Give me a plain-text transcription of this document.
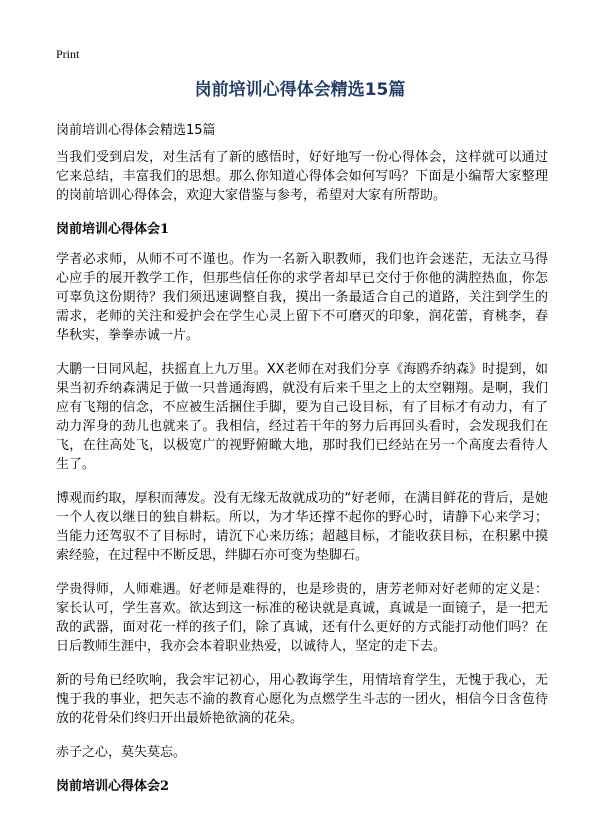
Print
岗前培训心得体会精选15篇
岗前培训心得体会精选15篇

当我们受到启发，对生活有了新的感悟时，好好地写一份心得体会，这样就可以通过它来总结，丰富我们的思想。那么你知道心得体会如何写吗？下面是小编帮大家整理的岗前培训心得体会，欢迎大家借鉴与参考，希望对大家有所帮助。

岗前培训心得体会1

学者必求师，从师不可不谨也。作为一名新入职教师，我们也许会迷茫，无法立马得心应手的展开教学工作，但那些信任你的求学者却早已交付于你他的满腔热血，你怎可辜负这份期待？我们须迅速调整自我，摸出一条最适合自己的道路，关注到学生的需求，老师的关注和爱护会在学生心灵上留下不可磨灭的印象，润花蕾，育桃李，春华秋实，拳拳赤诚一片。

大鹏一日同风起，扶摇直上九万里。XX老师在对我们分享《海鸥乔纳森》时提到，如果当初乔纳森满足于做一只普通海鸥，就没有后来千里之上的太空翱翔。是啊，我们应有飞翔的信念，不应被生活捆住手脚，要为自己设目标，有了目标才有动力，有了动力浑身的劲儿也就来了。我相信，经过若干年的努力后再回头看时，会发现我们在飞，在往高处飞，以极宽广的视野俯瞰大地，那时我们已经站在另一个高度去看待人生了。

博观而约取，厚积而薄发。没有无缘无故就成功的“好老师，在满目鲜花的背后，是她一个人夜以继日的独自耕耘。所以，为才华还撑不起你的野心时，请静下心来学习；当能力还驾驭不了目标时，请沉下心来历练；超越目标，才能收获目标，在积累中摸索经验，在过程中不断反思，绊脚石亦可变为垫脚石。

学贵得师，人师难遇。好老师是难得的，也是珍贵的，唐芳老师对好老师的定义是：家长认可，学生喜欢。欲达到这一标准的秘诀就是真诚，真诚是一面镜子，是一把无敌的武器，面对花一样的孩子们，除了真诚，还有什么更好的方式能打动他们吗？在日后教师生涯中，我亦会本着职业热爱，以诚待人，坚定的走下去。

新的号角已经吹响，我会牢记初心，用心教诲学生，用情培育学生，无愧于我心，无愧于我的事业，把矢志不渝的教育心愿化为点燃学生斗志的一团火，相信今日含苞待放的花骨朵们终归开出最娇艳欲滴的花朵。

赤子之心，莫失莫忘。

岗前培训心得体会2
